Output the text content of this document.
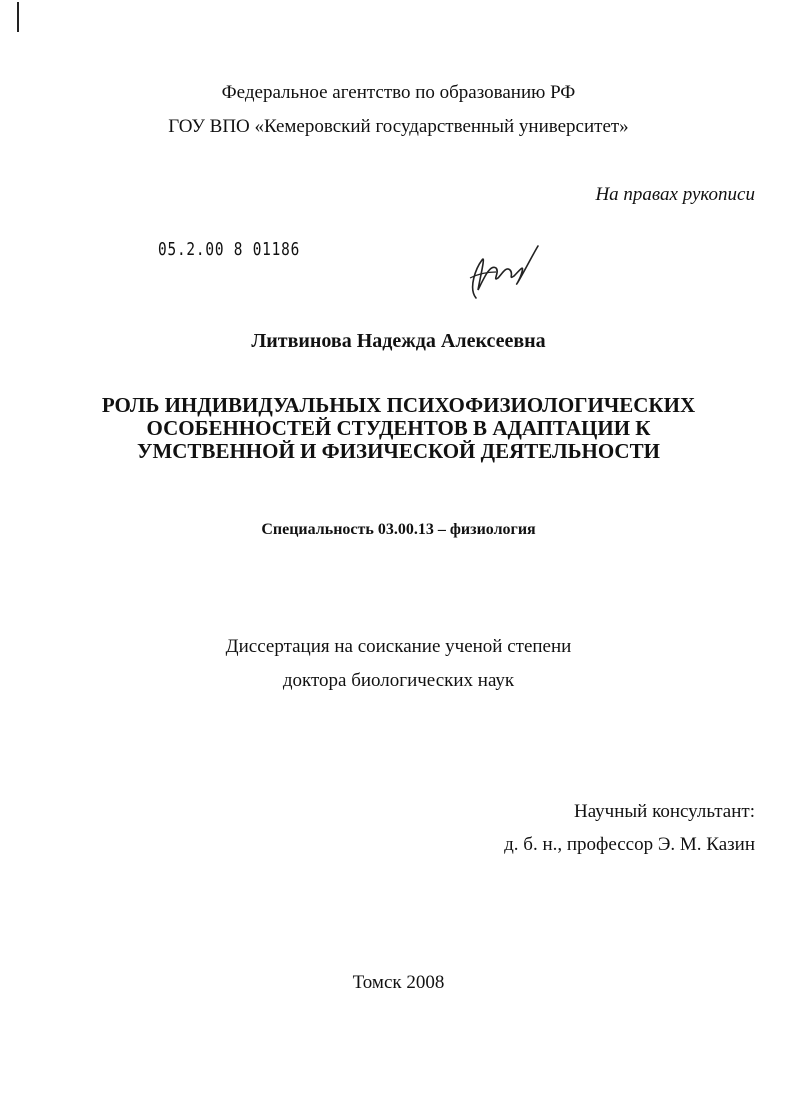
Федеральное агентство по образованию РФ
ГОУ ВПО «Кемеровский государственный университет»
На правах рукописи
05.2.00 8 01186
Литвинова Надежда Алексеевна
РОЛЬ ИНДИВИДУАЛЬНЫХ ПСИХОФИЗИОЛОГИЧЕСКИХ
ОСОБЕННОСТЕЙ СТУДЕНТОВ В АДАПТАЦИИ К
УМСТВЕННОЙ И ФИЗИЧЕСКОЙ ДЕЯТЕЛЬНОСТИ
Специальность 03.00.13 – физиология
Диссертация на соискание ученой степени
доктора биологических наук
Научный консультант:
д. б. н., профессор Э. М. Казин
Томск 2008
